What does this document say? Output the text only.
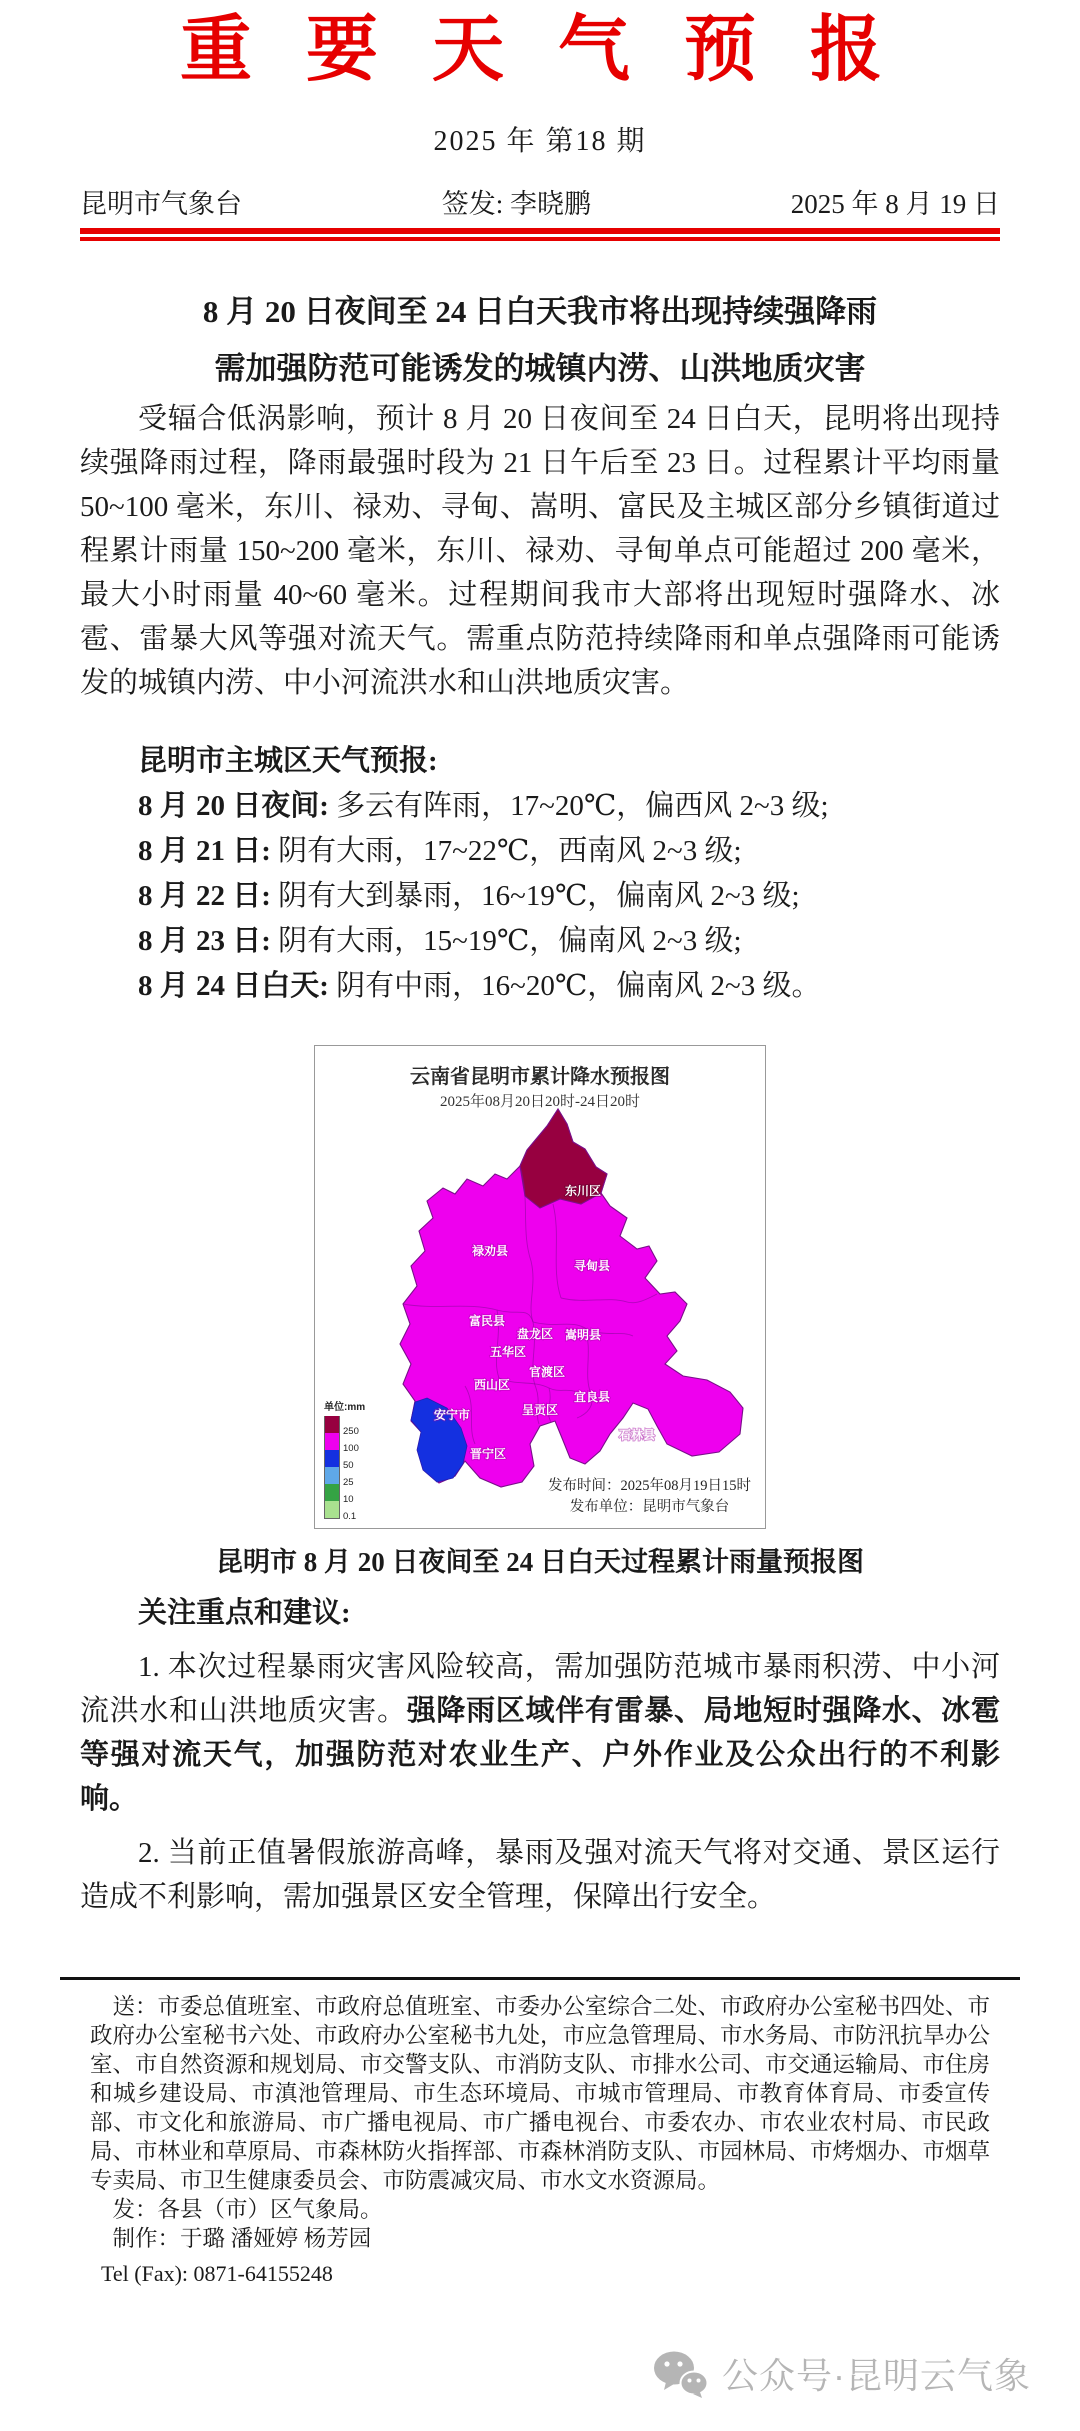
重 要 天 气 预 报
2025 年 第18 期
昆明市气象台	签发: 李晓鹏	2025 年 8 月 19 日
8 月 20 日夜间至 24 日白天我市将出现持续强降雨
需加强防范可能诱发的城镇内涝、山洪地质灾害

受辐合低涡影响，预计 8 月 20 日夜间至 24 日白天，昆明将出现持续强降雨过程，降雨最强时段为 21 日午后至 23 日。过程累计平均雨量 50~100 毫米，东川、禄劝、寻甸、嵩明、富民及主城区部分乡镇街道过程累计雨量 150~200 毫米，东川、禄劝、寻甸单点可能超过 200 毫米，最大小时雨量 40~60 毫米。过程期间我市大部将出现短时强降水、冰雹、雷暴大风等强对流天气。需重点防范持续降雨和单点强降雨可能诱发的城镇内涝、中小河流洪水和山洪地质灾害。

昆明市主城区天气预报:

8 月 20 日夜间: 多云有阵雨，17~20℃，偏西风 2~3 级;

8 月 21 日: 阴有大雨，17~22℃，西南风 2~3 级;

8 月 22 日: 阴有大到暴雨，16~19℃，偏南风 2~3 级;

8 月 23 日: 阴有大雨，15~19℃，偏南风 2~3 级;

8 月 24 日白天: 阴有中雨，16~20℃，偏南风 2~3 级。

东川区
禄劝县
寻甸县
富民县
盘龙区 嵩明县
五华区
官渡区
西山区
宜良县
呈贡区
安宁市
石林县
晋宁区
云南省昆明市累计降水预报图
2025年08月20日20时-24日20时
单位:mm
250
100
50
25
10
0.1
发布时间：2025年08月19日15时
发布单位：昆明市气象台
昆明市 8 月 20 日夜间至 24 日白天过程累计雨量预报图

关注重点和建议:

1. 本次过程暴雨灾害风险较高，需加强防范城市暴雨积涝、中小河流洪水和山洪地质灾害。强降雨区域伴有雷暴、局地短时强降水、冰雹等强对流天气，加强防范对农业生产、户外作业及公众出行的不利影响。

2. 当前正值暑假旅游高峰，暴雨及强对流天气将对交通、景区运行造成不利影响，需加强景区安全管理，保障出行安全。

送：市委总值班室、市政府总值班室、市委办公室综合二处、市政府办公室秘书四处、市政府办公室秘书六处、市政府办公室秘书九处，市应急管理局、市水务局、市防汛抗旱办公室、市自然资源和规划局、市交警支队、市消防支队、市排水公司、市交通运输局、市住房和城乡建设局、市滇池管理局、市生态环境局、市城市管理局、市教育体育局、市委宣传部、市文化和旅游局、市广播电视局、市广播电视台、市委农办、市农业农村局、市民政局、市林业和草原局、市森林防火指挥部、市森林消防支队、市园林局、市烤烟办、市烟草专卖局、市卫生健康委员会、市防震减灾局、市水文水资源局。

发：各县（市）区气象局。

制作：于璐 潘娅婷 杨芳园

Tel (Fax): 0871-64155248

公众号·昆明云气象
